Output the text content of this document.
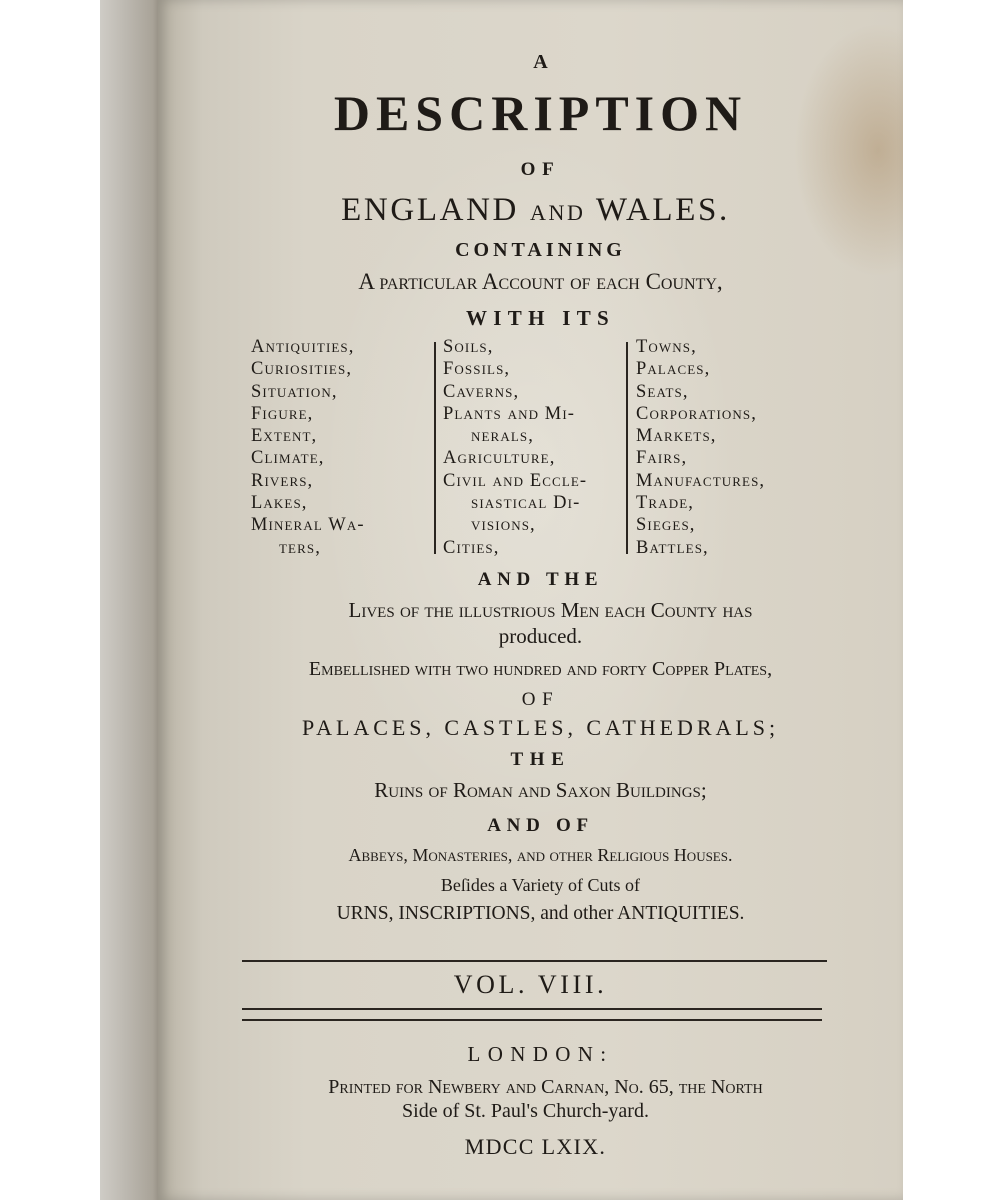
A
DESCRIPTION
OF
ENGLAND AND WALES.
CONTAINING
A particular Account of each County,
WITH ITS
Antiquities,
Curiosities,
Situation,
Figure,
Extent,
Climate,
Rivers,
Lakes,
Mineral Wa-
ters,
Soils,
Fossils,
Caverns,
Plants and Mi-
nerals,
Agriculture,
Civil and Eccle-
siastical Di-
visions,
Cities,
Towns,
Palaces,
Seats,
Corporations,
Markets,
Fairs,
Manufactures,
Trade,
Sieges,
Battles,
AND THE
Lives of the illuſtrious Men each County has
produced.
Embelliſhed with two hundred and forty Copper Plates,
OF
PALACES, CASTLES, CATHEDRALS;
THE
Ruins of Roman and Saxon Buildings;
AND OF
Abbeys, Monasteries, and other Religious Houses.
Beſides a Variety of Cuts of
URNS, INSCRIPTIONS, and other ANTIQUITIES.
VOL. VIII.
LONDON:
Printed for Newbery and Carnan, No. 65, the North
Side of St. Paul's Church-yard.
MDCC LXIX.
